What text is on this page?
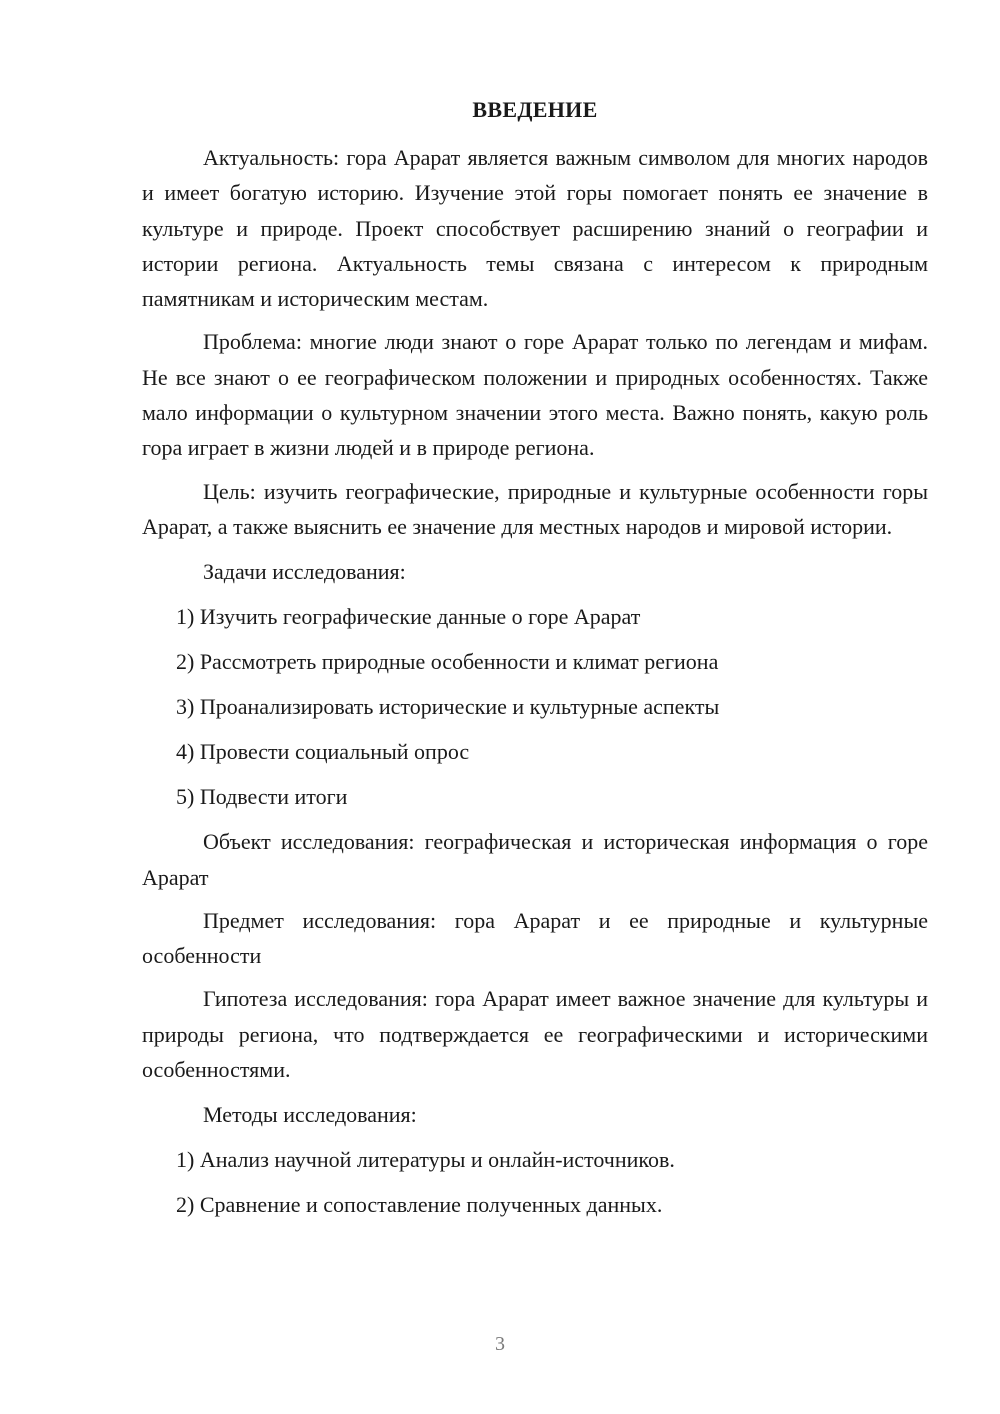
ВВЕДЕНИЕ

Актуальность: гора Арарат является важным символом для многих народов и имеет богатую историю. Изучение этой горы помогает понять ее значение в культуре и природе. Проект способствует расширению знаний о географии и истории региона. Актуальность темы связана с интересом к природным памятникам и историческим местам.

Проблема: многие люди знают о горе Арарат только по легендам и мифам. Не все знают о ее географическом положении и природных особенностях. Также мало информации о культурном значении этого места. Важно понять, какую роль гора играет в жизни людей и в природе региона.

Цель: изучить географические, природные и культурные особенности горы Арарат, а также выяснить ее значение для местных народов и мировой истории.

Задачи исследования:
1) Изучить географические данные о горе Арарат
2) Рассмотреть природные особенности и климат региона
3) Проанализировать исторические и культурные аспекты
4) Провести социальный опрос
5) Подвести итоги

Объект исследования: географическая и историческая информация о горе Арарат

Предмет исследования: гора Арарат и ее природные и культурные особенности

Гипотеза исследования: гора Арарат имеет важное значение для культуры и природы региона, что подтверждается ее географическими и историческими особенностями.

Методы исследования:
1) Анализ научной литературы и онлайн-источников.
2) Сравнение и сопоставление полученных данных.
3
